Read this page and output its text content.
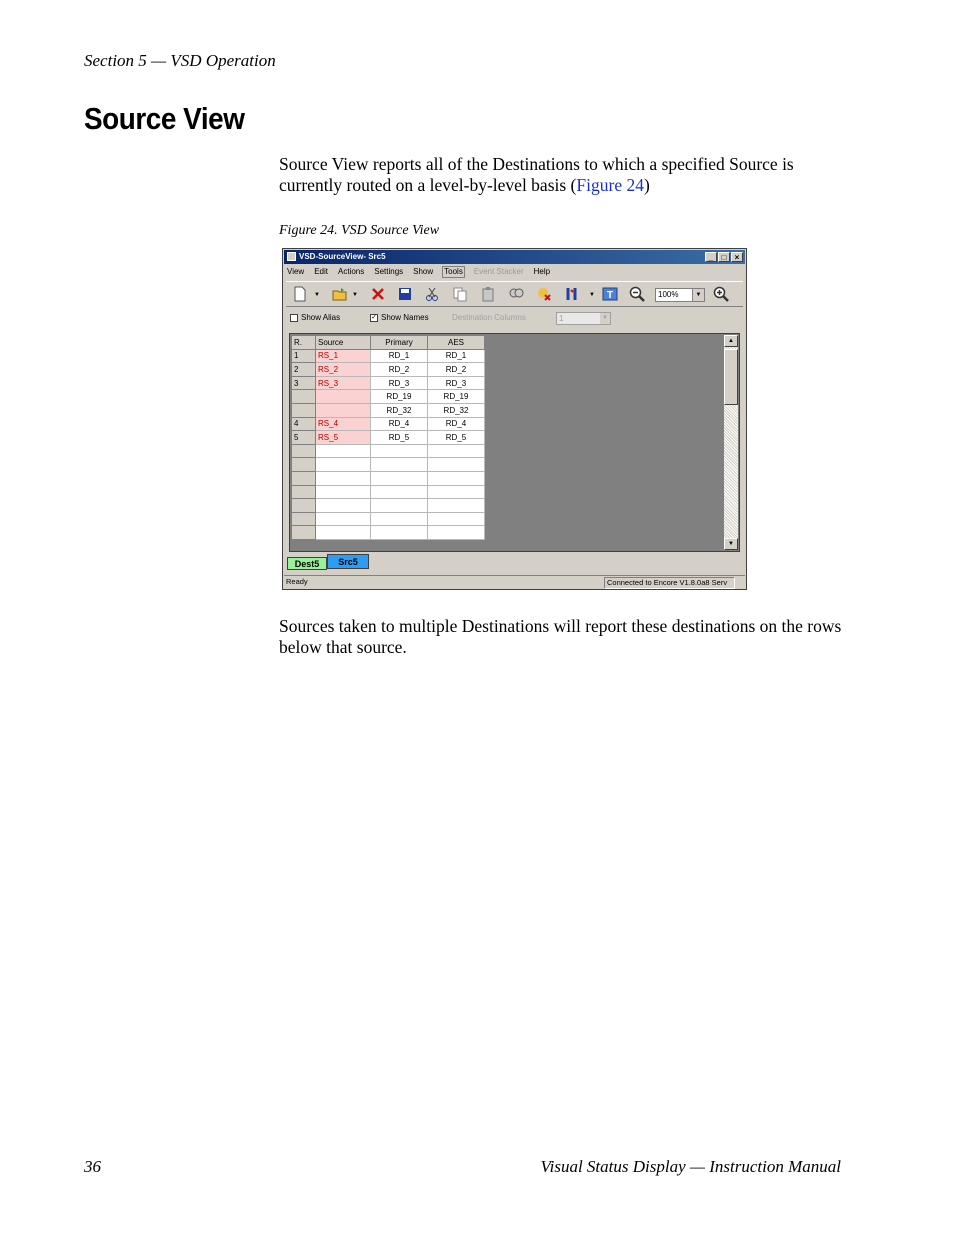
Section 5 — VSD Operation
Source View

Source View reports all of the Destinations to which a specified Source is currently routed on a level-by-level basis (Figure 24)

Figure 24. VSD Source View
VSD-SourceView- Src5	_	□	×
View Edit Actions Settings Show Tools Event Stacker Help
▼	▼	▼ T	100%	▼
Show Alias	✓ Show Names	Destination Columns	1	▼
R.	Source	Primary	AES
1	RS_1	RD_1	RD_1
2	RS_2	RD_2	RD_2
3	RS_3	RD_3	RD_3
		RD_19	RD_19
		RD_32	RD_32
4	RS_4	RD_4	RD_4
5	RS_5	RD_5	RD_5

▲
▼
Dest5	Src5
Ready	Connected to Encore V1.8.0a8 Serv

Sources taken to multiple Destinations will report these destinations on the rows below that source.

36	Visual Status Display — Instruction Manual
